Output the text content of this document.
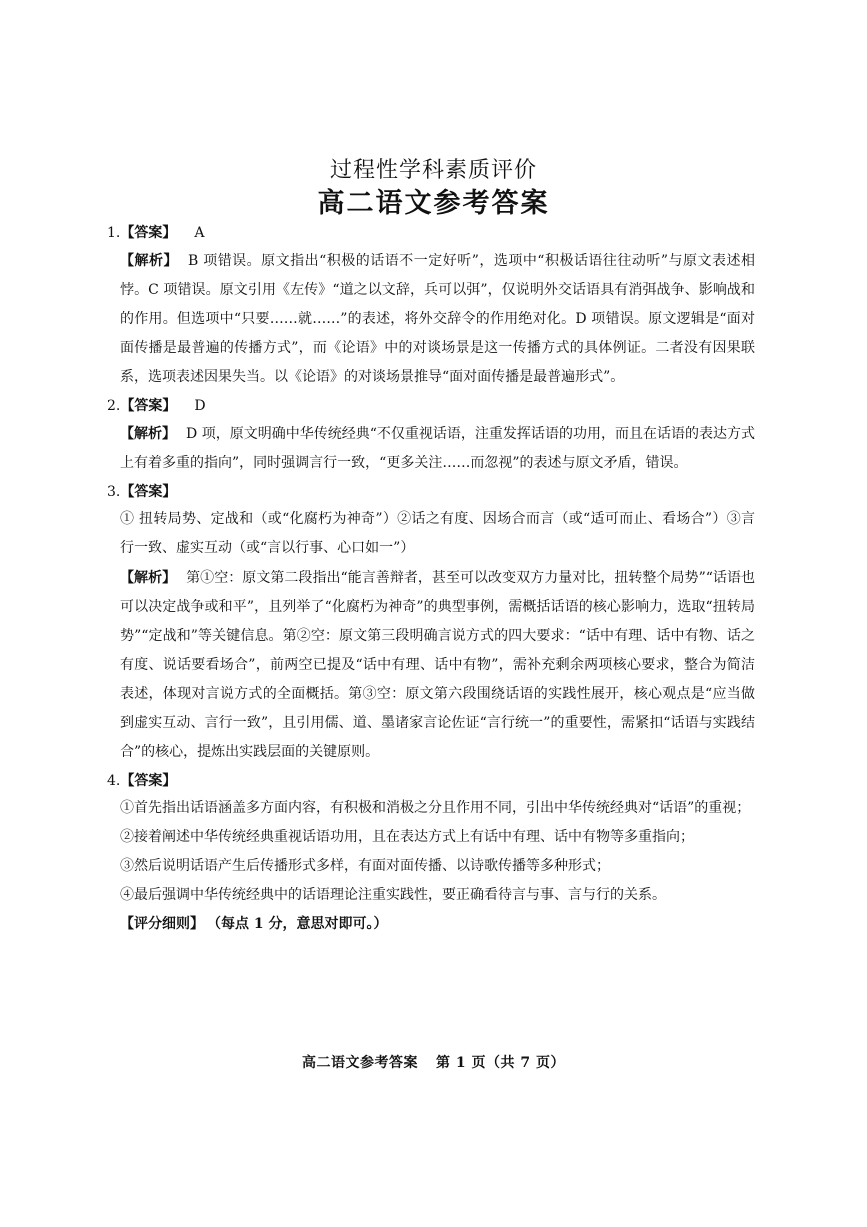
过程性学科素质评价
高二语文参考答案
1.【答案】 A
【解析】 B 项错误。原文指出“积极的话语不一定好听”，选项中“积极话语往往动听”与原文表述相悖。C 项错误。原文引用《左传》“道之以文辞，兵可以弭”，仅说明外交话语具有消弭战争、影响战和的作用。但选项中“只要……就……”的表述，将外交辞令的作用绝对化。D 项错误。原文逻辑是“面对面传播是最普遍的传播方式”，而《论语》中的对谈场景是这一传播方式的具体例证。二者没有因果联系，选项表述因果失当。以《论语》的对谈场景推导“面对面传播是最普遍形式”。
2.【答案】 D
【解析】 D 项，原文明确中华传统经典“不仅重视话语，注重发挥话语的功用，而且在话语的表达方式上有着多重的指向”，同时强调言行一致，“更多关注……而忽视”的表述与原文矛盾，错误。
3.【答案】
① 扭转局势、定战和（或“化腐朽为神奇”）②话之有度、因场合而言（或“适可而止、看场合”）③言行一致、虚实互动（或“言以行事、心口如一”）
【解析】 第①空：原文第二段指出“能言善辩者，甚至可以改变双方力量对比，扭转整个局势”“话语也可以决定战争或和平”，且列举了“化腐朽为神奇”的典型事例，需概括话语的核心影响力，选取“扭转局势”“定战和”等关键信息。第②空：原文第三段明确言说方式的四大要求：“话中有理、话中有物、话之有度、说话要看场合”，前两空已提及“话中有理、话中有物”，需补充剩余两项核心要求，整合为简洁表述，体现对言说方式的全面概括。第③空：原文第六段围绕话语的实践性展开，核心观点是“应当做到虚实互动、言行一致”，且引用儒、道、墨诸家言论佐证“言行统一”的重要性，需紧扣“话语与实践结合”的核心，提炼出实践层面的关键原则。
4.【答案】
①首先指出话语涵盖多方面内容，有积极和消极之分且作用不同，引出中华传统经典对“话语”的重视；
②接着阐述中华传统经典重视话语功用，且在表达方式上有话中有理、话中有物等多重指向；
③然后说明话语产生后传播形式多样，有面对面传播、以诗歌传播等多种形式；
④最后强调中华传统经典中的话语理论注重实践性，要正确看待言与事、言与行的关系。
【评分细则】 （每点 1 分，意思对即可。）
高二语文参考答案 第 1 页（共 7 页）
